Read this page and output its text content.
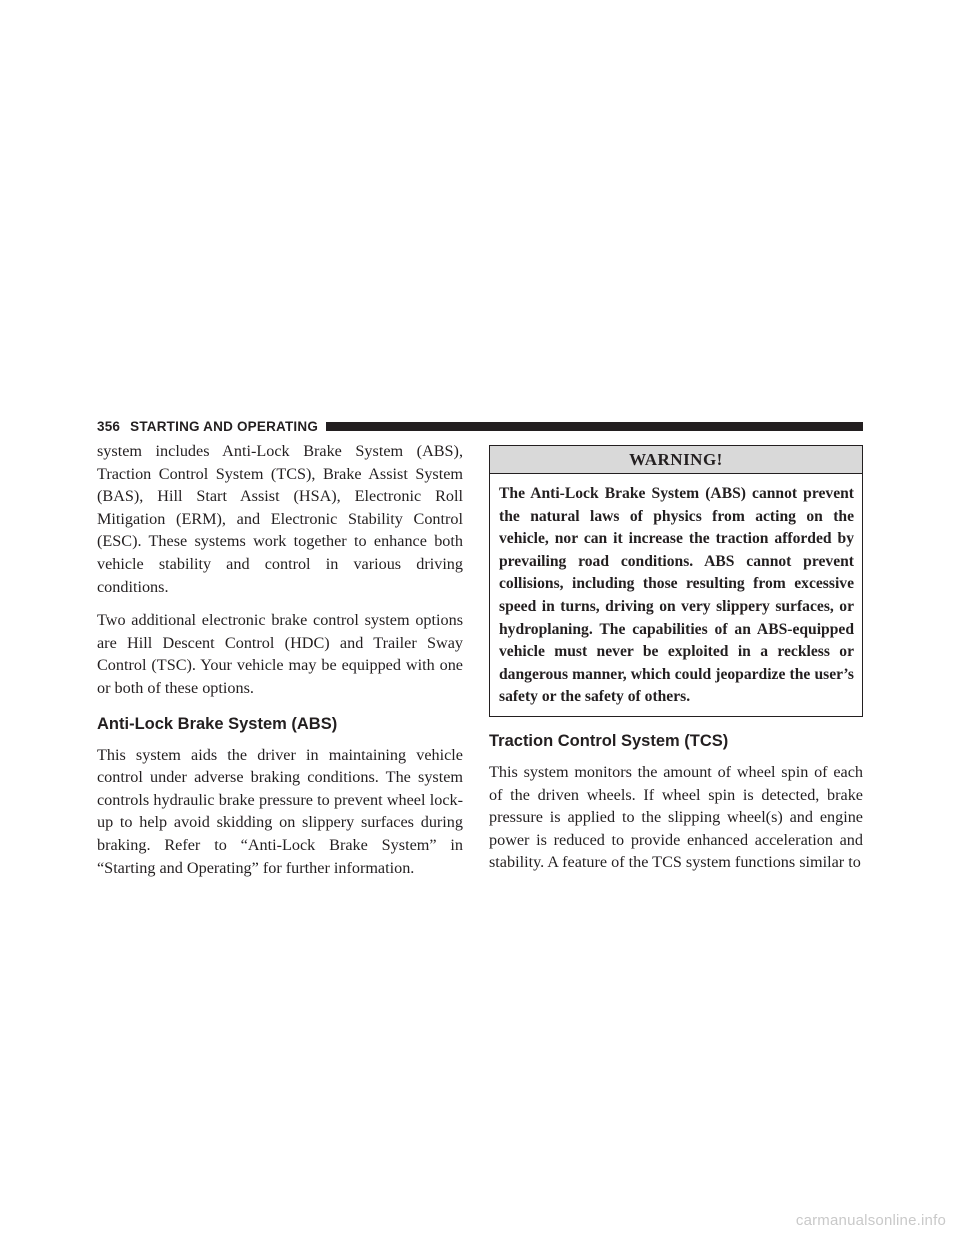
356 STARTING AND OPERATING

system includes Anti-Lock Brake System (ABS), Traction Control System (TCS), Brake Assist System (BAS), Hill Start Assist (HSA), Electronic Roll Mitigation (ERM), and Electronic Stability Control (ESC). These systems work together to enhance both vehicle stability and control in various driving conditions.

Two additional electronic brake control system options are Hill Descent Control (HDC) and Trailer Sway Control (TSC). Your vehicle may be equipped with one or both of these options.

Anti-Lock Brake System (ABS)

This system aids the driver in maintaining vehicle control under adverse braking conditions. The system controls hydraulic brake pressure to prevent wheel lock-up to help avoid skidding on slippery surfaces during braking. Refer to “Anti-Lock Brake System” in “Starting and Operating” for further information.

WARNING!
The Anti-Lock Brake System (ABS) cannot prevent the natural laws of physics from acting on the vehicle, nor can it increase the traction afforded by prevailing road conditions. ABS cannot prevent collisions, including those resulting from excessive speed in turns, driving on very slippery surfaces, or hydroplaning. The capabilities of an ABS-equipped vehicle must never be exploited in a reckless or dangerous manner, which could jeopardize the user’s safety or the safety of others.
Traction Control System (TCS)

This system monitors the amount of wheel spin of each of the driven wheels. If wheel spin is detected, brake pressure is applied to the slipping wheel(s) and engine power is reduced to provide enhanced acceleration and stability. A feature of the TCS system functions similar to

carmanualsonline.info
